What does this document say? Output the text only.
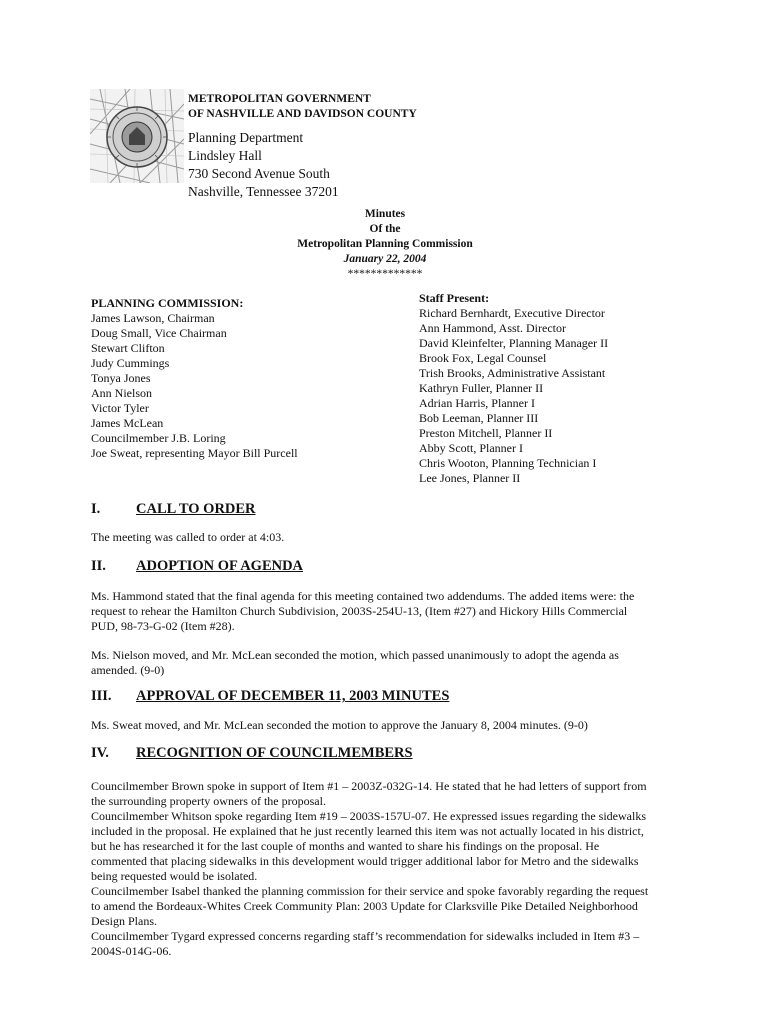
METROPOLITAN GOVERNMENT
OF NASHVILLE AND DAVIDSON COUNTY
Planning Department
Lindsley Hall
730 Second Avenue South
Nashville, Tennessee 37201
Minutes
Of the
Metropolitan Planning Commission
January 22, 2004
*************
PLANNING COMMISSION:
James Lawson, Chairman
Doug Small, Vice Chairman
Stewart Clifton
Judy Cummings
Tonya Jones
Ann Nielson
Victor Tyler
James McLean
Councilmember J.B. Loring
Joe Sweat, representing Mayor Bill Purcell
Staff Present:
Richard Bernhardt, Executive Director
Ann Hammond, Asst. Director
David Kleinfelter, Planning Manager II
Brook Fox, Legal Counsel
Trish Brooks, Administrative Assistant
Kathryn Fuller, Planner II
Adrian Harris, Planner I
Bob Leeman, Planner III
Preston Mitchell, Planner II
Abby Scott, Planner I
Chris Wooton, Planning Technician I
Lee Jones, Planner II
I. CALL TO ORDER
The meeting was called to order at 4:03.
II. ADOPTION OF AGENDA
Ms. Hammond stated that the final agenda for this meeting contained two addendums. The added items were: the
request to rehear the Hamilton Church Subdivision, 2003S-254U-13, (Item #27) and Hickory Hills Commercial
PUD, 98-73-G-02 (Item #28).
Ms. Nielson moved, and Mr. McLean seconded the motion, which passed unanimously to adopt the agenda as
amended. (9-0)
III. APPROVAL OF DECEMBER 11, 2003 MINUTES
Ms. Sweat moved, and Mr. McLean seconded the motion to approve the January 8, 2004 minutes. (9-0)
IV. RECOGNITION OF COUNCILMEMBERS
Councilmember Brown spoke in support of Item #1 – 2003Z-032G-14. He stated that he had letters of support from
the surrounding property owners of the proposal.
Councilmember Whitson spoke regarding Item #19 – 2003S-157U-07. He expressed issues regarding the sidewalks
included in the proposal. He explained that he just recently learned this item was not actually located in his district,
but he has researched it for the last couple of months and wanted to share his findings on the proposal. He
commented that placing sidewalks in this development would trigger additional labor for Metro and the sidewalks
being requested would be isolated.
Councilmember Isabel thanked the planning commission for their service and spoke favorably regarding the request
to amend the Bordeaux-Whites Creek Community Plan: 2003 Update for Clarksville Pike Detailed Neighborhood
Design Plans.
Councilmember Tygard expressed concerns regarding staff’s recommendation for sidewalks included in Item #3 –
2004S-014G-06.
